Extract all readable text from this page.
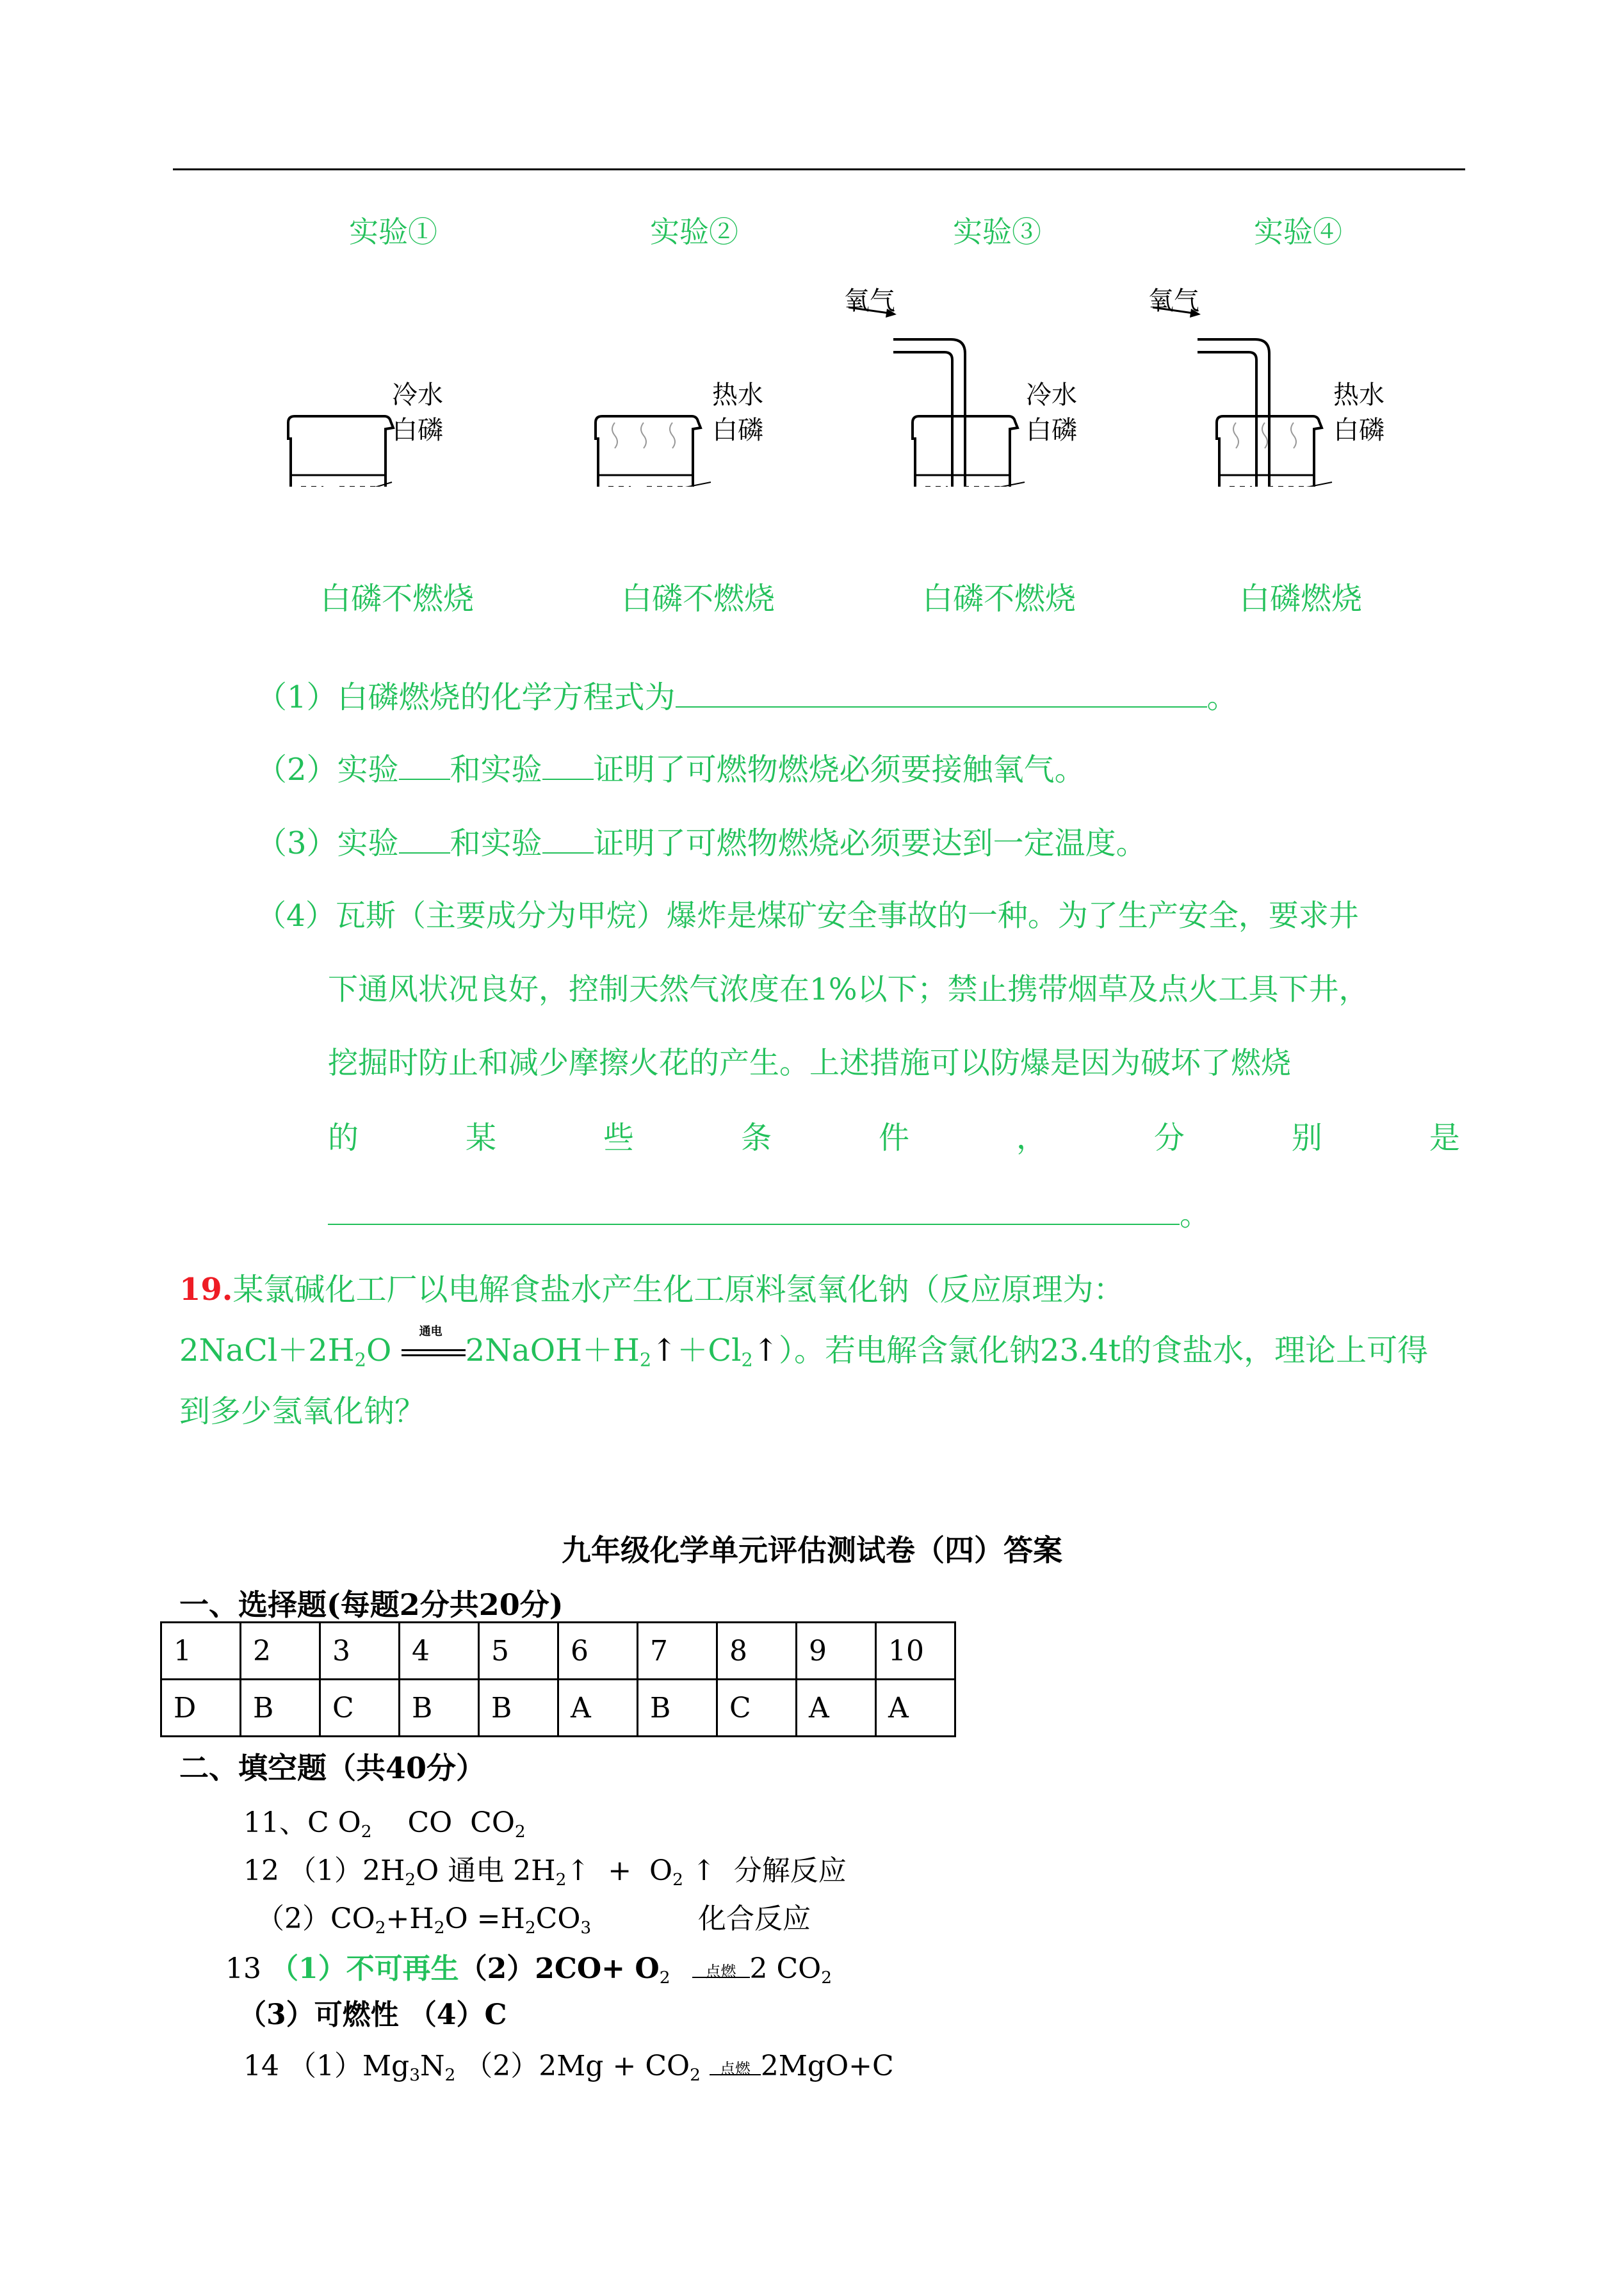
实验①	实验②	实验③	实验④
氧气	氧气
冷水
白磷
热水
白磷
冷水
白磷
热水
白磷
白磷不燃烧	白磷不燃烧	白磷不燃烧	白磷燃烧
（1）白磷燃烧的化学方程式为	。
（2）实验 和实验 证明了可燃物燃烧必须要接触氧气。
（3）实验 和实验 证明了可燃物燃烧必须要达到一定温度。
（4）瓦斯（主要成分为甲烷）爆炸是煤矿安全事故的一种。为了生产安全，要求井
下通风状况良好，控制天然气浓度在1%以下；禁止携带烟草及点火工具下井，
挖掘时防止和减少摩擦火花的产生。上述措施可以防爆是因为破坏了燃烧
的	某	些	条	件	，	分	别	是
。
19.某氯碱化工厂以电解食盐水产生化工原料氢氧化钠（反应原理为：
$2NaCl+2H_2O$
通电
$2NaOH+H_2↑+Cl_2↑$）。若电解含氯化钠23.4t的食盐水，理论上可得
到多少氢氧化钠？
九年级化学单元评估测试卷（四）答案
一、选择题(每题2分共20分)
1	2	3	4	5	6	7	8	9	10
D	B	C	B	B	A	B	C	A	A
二、填空题（共40分）
11、C $O_2$    CO  $CO_2$
12 $(1)2H_2O$ 通电 $2H_2↑ + O_2$ ↑  分解反应
$(2)CO_2+H_2O =H_2CO_3$	化合反应
13 （1）不可再生$(2)2CO+ O_2$	点燃 2 $CO_2$
（3）可燃性 （4）C
14 $(1)Mg_3N_2$ $(2)2Mg + CO_2$	点燃 2MgO+C
